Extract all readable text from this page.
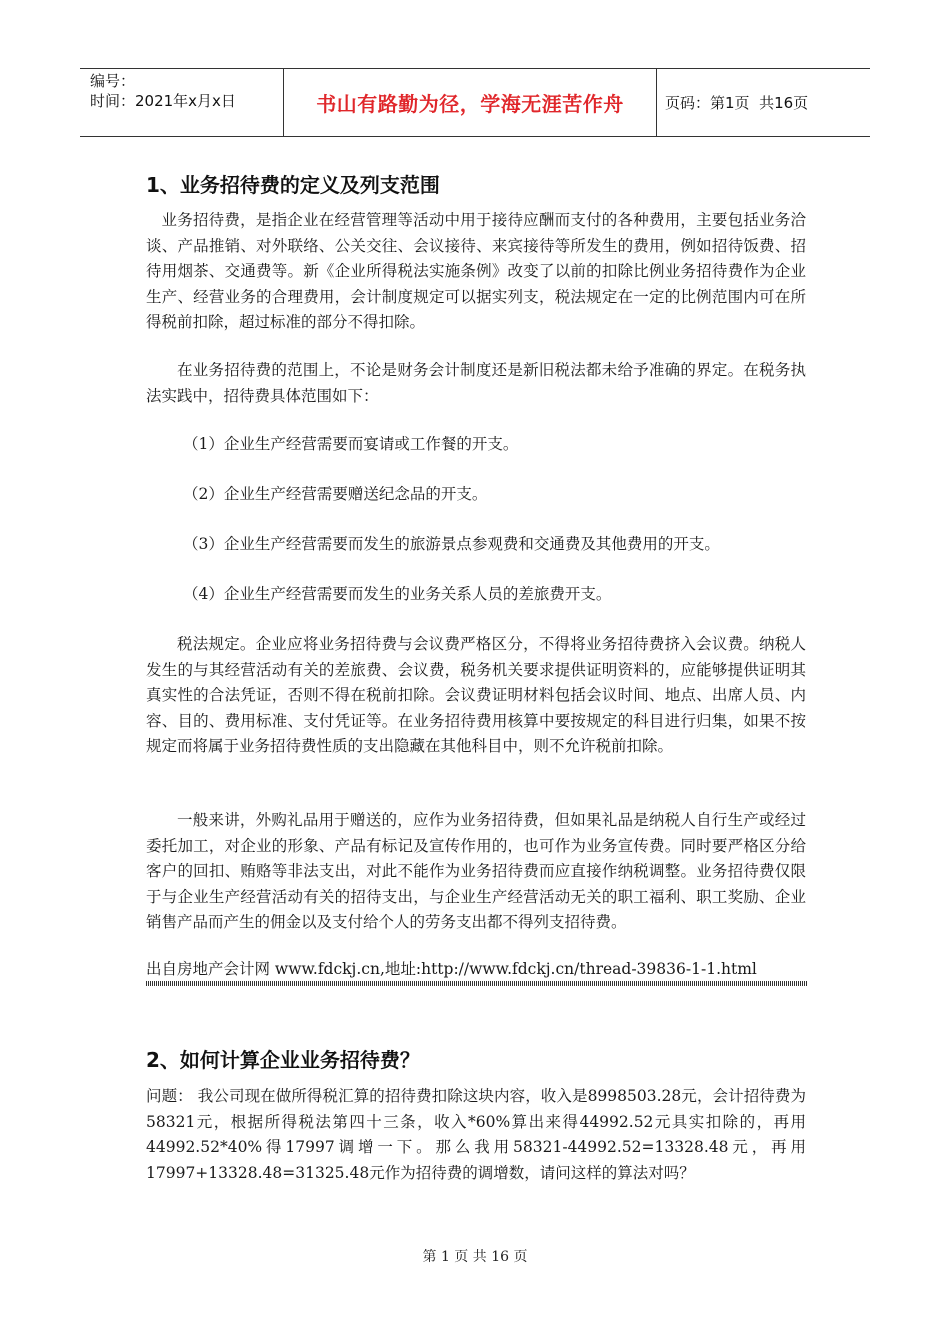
编号：
时间：2021年x月x日	书山有路勤为径，学海无涯苦作舟	页码：第1页  共16页
1、业务招待费的定义及列支范围

业务招待费，是指企业在经营管理等活动中用于接待应酬而支付的各种费用，主要包括业务洽谈、产品推销、对外联络、公关交往、会议接待、来宾接待等所发生的费用，例如招待饭费、招待用烟茶、交通费等。新《企业所得税法实施条例》改变了以前的扣除比例业务招待费作为企业生产、经营业务的合理费用，会计制度规定可以据实列支，税法规定在一定的比例范围内可在所得税前扣除，超过标准的部分不得扣除。

在业务招待费的范围上，不论是财务会计制度还是新旧税法都未给予准确的界定。在税务执法实践中，招待费具体范围如下：

（1）企业生产经营需要而宴请或工作餐的开支。
（2）企业生产经营需要赠送纪念品的开支。
（3）企业生产经营需要而发生的旅游景点参观费和交通费及其他费用的开支。
（4）企业生产经营需要而发生的业务关系人员的差旅费开支。

税法规定。企业应将业务招待费与会议费严格区分，不得将业务招待费挤入会议费。纳税人发生的与其经营活动有关的差旅费、会议费，税务机关要求提供证明资料的，应能够提供证明其真实性的合法凭证，否则不得在税前扣除。会议费证明材料包括会议时间、地点、出席人员、内容、目的、费用标准、支付凭证等。在业务招待费用核算中要按规定的科目进行归集，如果不按规定而将属于业务招待费性质的支出隐藏在其他科目中，则不允许税前扣除。

一般来讲，外购礼品用于赠送的，应作为业务招待费，但如果礼品是纳税人自行生产或经过委托加工，对企业的形象、产品有标记及宣传作用的，也可作为业务宣传费。同时要严格区分给客户的回扣、贿赂等非法支出，对此不能作为业务招待费而应直接作纳税调整。业务招待费仅限于与企业生产经营活动有关的招待支出，与企业生产经营活动无关的职工福利、职工奖励、企业销售产品而产生的佣金以及支付给个人的劳务支出都不得列支招待费。

出自房地产会计网 www.fdckj.cn,地址:http://www.fdckj.cn/thread-39836-1-1.html

2、如何计算企业业务招待费？

问题： 我公司现在做所得税汇算的招待费扣除这块内容，收入是8998503.28元，会计招待费为58321元，根据所得税法第四十三条，收入*60%算出来得44992.52元具实扣除的，再用44992.52*40%得17997调增一下。那么我用58321-44992.52=13328.48元，再用17997+13328.48=31325.48元作为招待费的调增数，请问这样的算法对吗？

第 1 页 共 16 页
